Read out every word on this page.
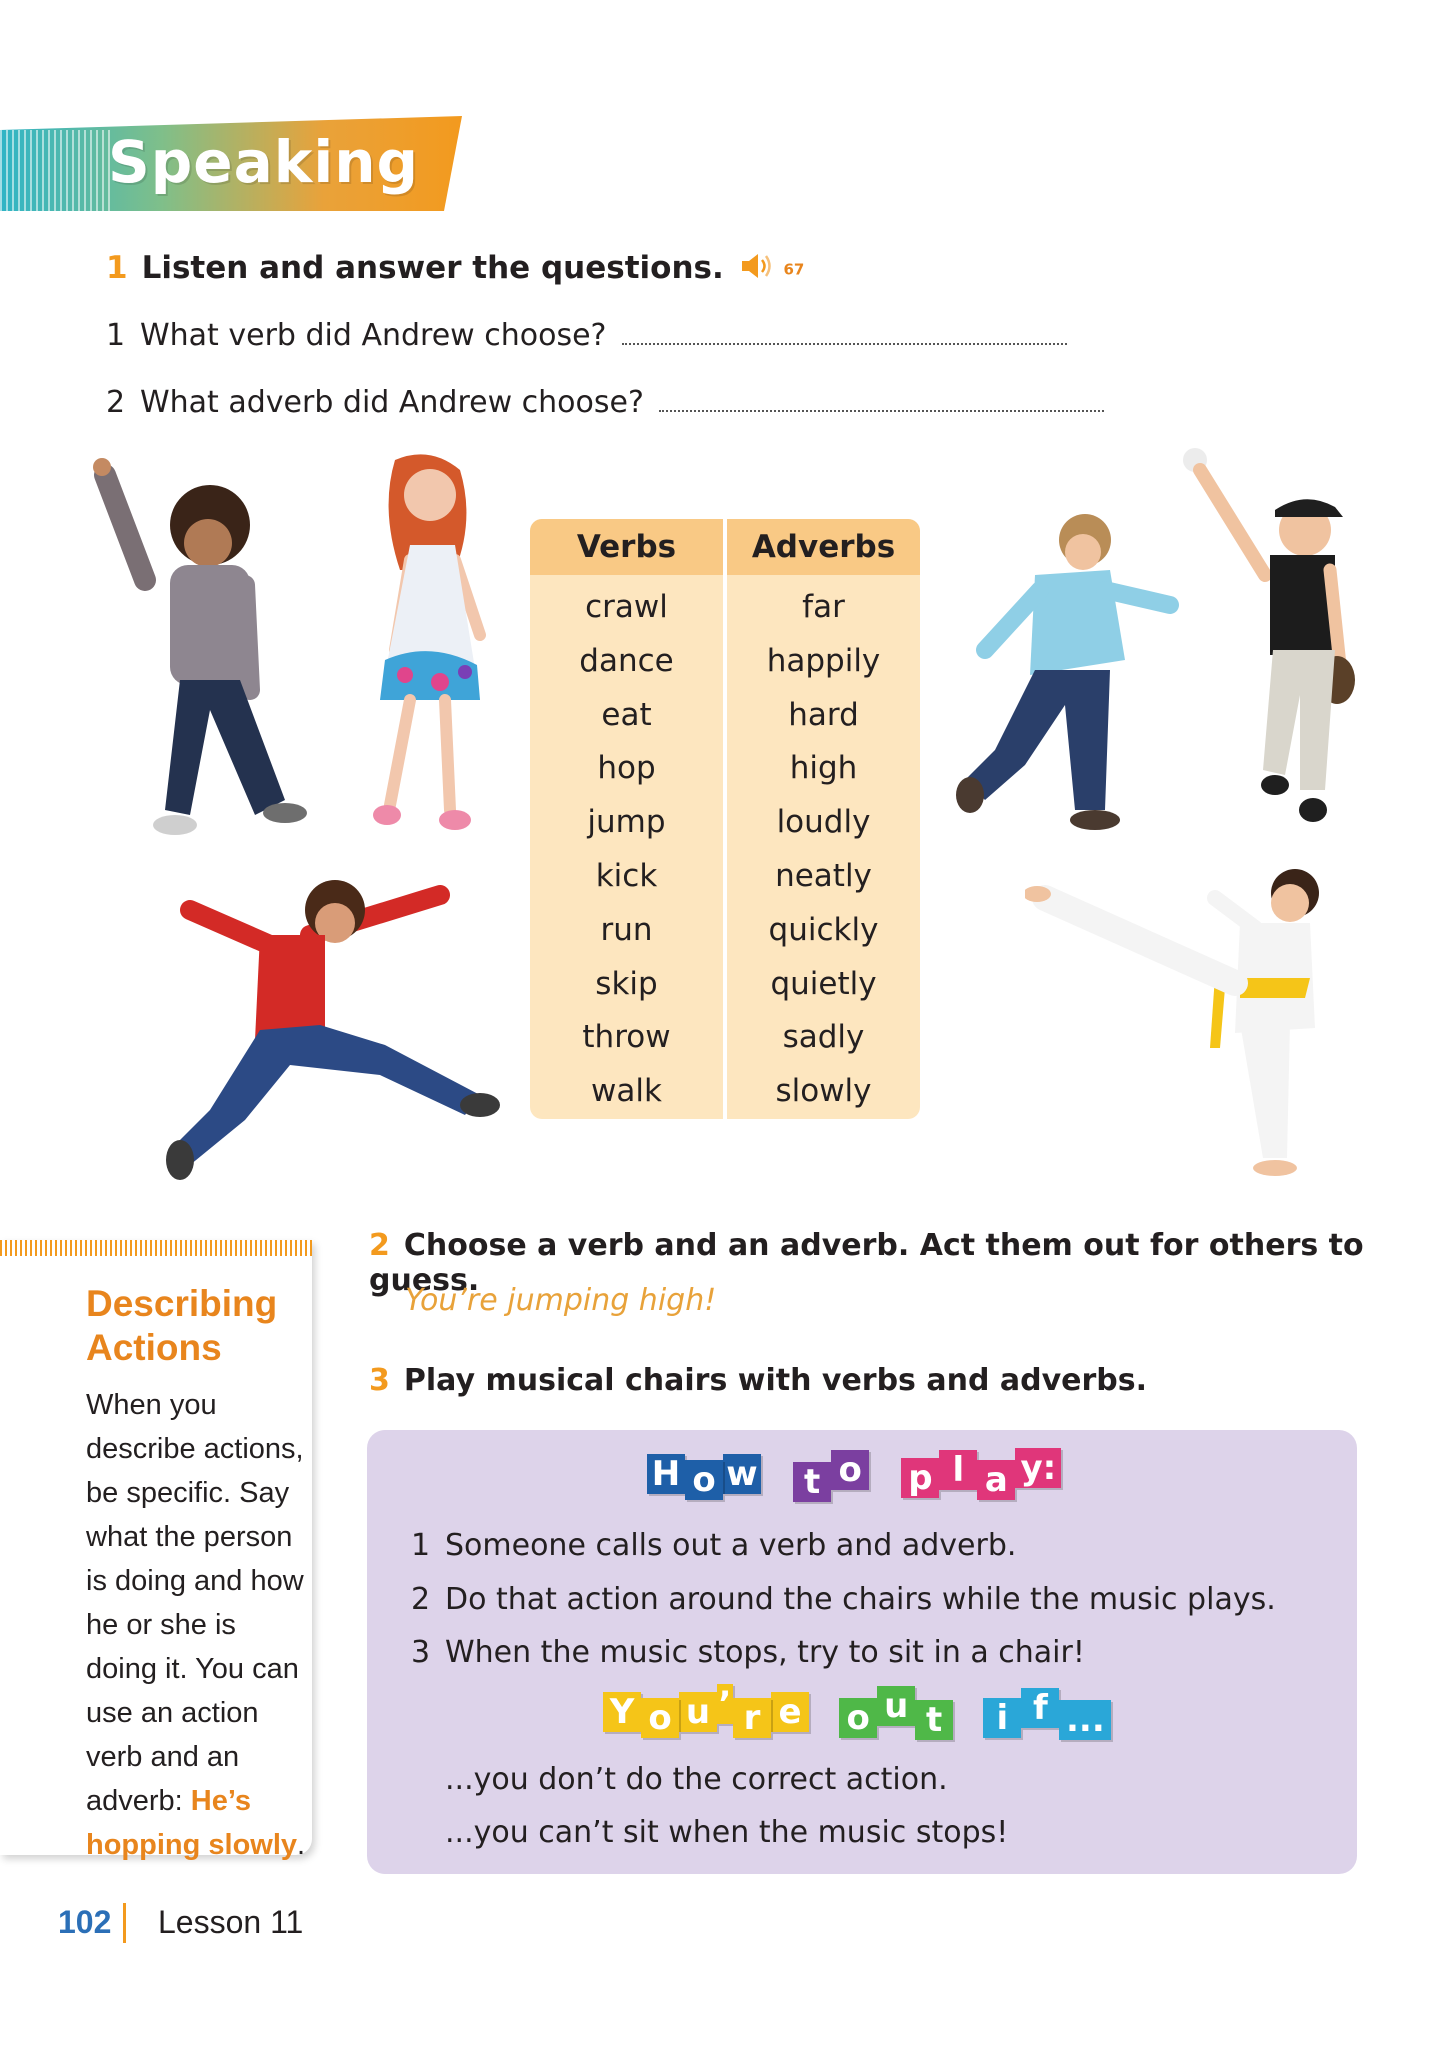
Speaking
1 Listen and answer the questions.	67
1 What verb did Andrew choose?
2 What adverb did Andrew choose?
Verbs	Adverbs
crawl
dance
eat
hop
jump
kick
run
skip
throw
walk
far
happily
hard
high
loudly
neatly
quickly
quietly
sadly
slowly
Describing
Actions
When you describe actions, be specific. Say what the person is doing and how he or she is doing it. You can use an action verb and an adverb: He’s hopping slowly.
2 Choose a verb and an adverb. Act them out for others to guess.
You’re jumping high!
3 Play musical chairs with verbs and adverbs.
H o w t o p l a y:
1 Someone calls out a verb and adverb.
2 Do that action around the chairs while the music plays.
3 When the music stops, try to sit in a chair!
Y o u ’ r e o u t i f ...
...you don’t do the correct action.
...you can’t sit when the music stops!
102 Lesson 11
